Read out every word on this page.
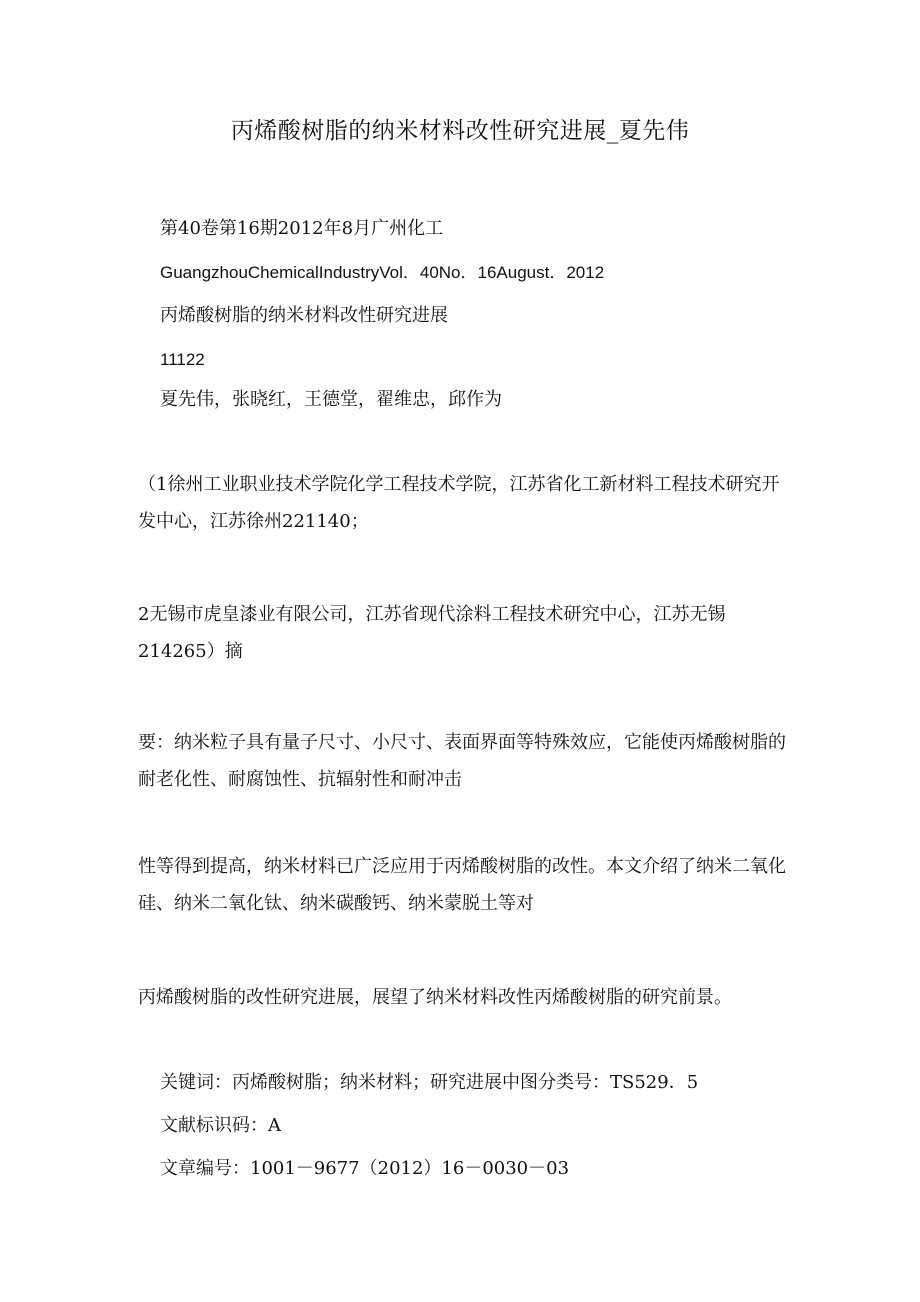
丙烯酸树脂的纳米材料改性研究进展_夏先伟
第40卷第16期2012年8月广州化工
GuangzhouChemicalIndustryVol．40No．16August．2012
丙烯酸树脂的纳米材料改性研究进展
11122
夏先伟，张晓红，王德堂，翟维忠，邱作为

（1徐州工业职业技术学院化学工程技术学院，江苏省化工新材料工程技术研究开发中心，江苏徐州221140；

2无锡市虎皇漆业有限公司，江苏省现代涂料工程技术研究中心，江苏无锡214265）摘

要：纳米粒子具有量子尺寸、小尺寸、表面界面等特殊效应，它能使丙烯酸树脂的耐老化性、耐腐蚀性、抗辐射性和耐冲击

性等得到提高，纳米材料已广泛应用于丙烯酸树脂的改性。本文介绍了纳米二氧化硅、纳米二氧化钛、纳米碳酸钙、纳米蒙脱土等对

丙烯酸树脂的改性研究进展，展望了纳米材料改性丙烯酸树脂的研究前景。

关键词：丙烯酸树脂；纳米材料；研究进展中图分类号：TS529．5
文献标识码：A
文章编号：1001－9677（2012）16－0030－03
